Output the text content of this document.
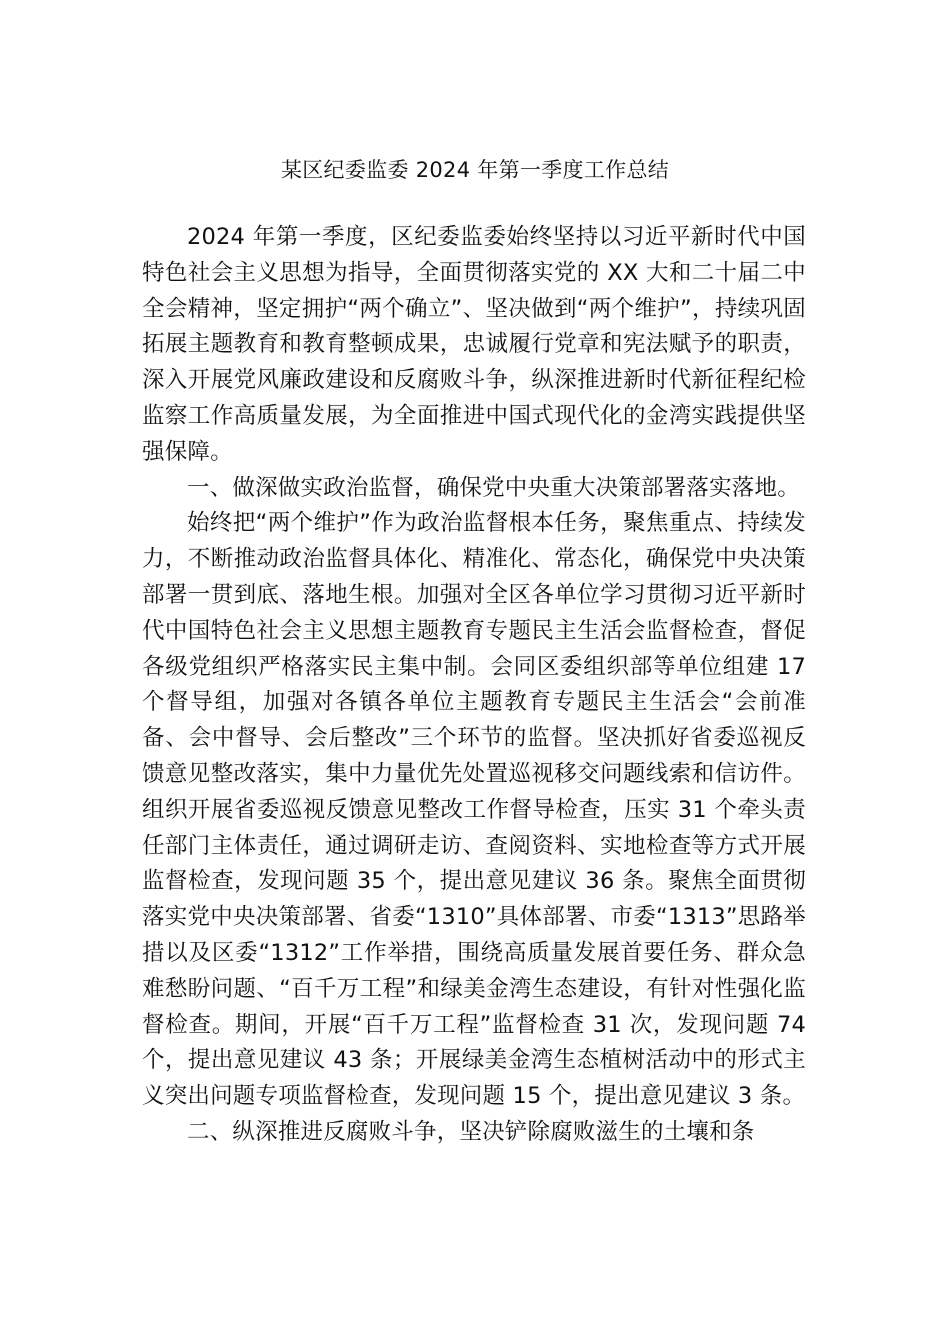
某区纪委监委 2024 年第一季度工作总结

2024 年第一季度，区纪委监委始终坚持以习近平新时代中国特色社会主义思想为指导，全面贯彻落实党的 XX 大和二十届二中全会精神，坚定拥护“两个确立”、坚决做到“两个维护”，持续巩固拓展主题教育和教育整顿成果，忠诚履行党章和宪法赋予的职责，深入开展党风廉政建设和反腐败斗争，纵深推进新时代新征程纪检监察工作高质量发展，为全面推进中国式现代化的金湾实践提供坚强保障。

一、做深做实政治监督，确保党中央重大决策部署落实落地。

始终把“两个维护”作为政治监督根本任务，聚焦重点、持续发力，不断推动政治监督具体化、精准化、常态化，确保党中央决策部署一贯到底、落地生根。加强对全区各单位学习贯彻习近平新时代中国特色社会主义思想主题教育专题民主生活会监督检查，督促各级党组织严格落实民主集中制。会同区委组织部等单位组建 17 个督导组，加强对各镇各单位主题教育专题民主生活会“会前准备、会中督导、会后整改”三个环节的监督。坚决抓好省委巡视反馈意见整改落实，集中力量优先处置巡视移交问题线索和信访件。组织开展省委巡视反馈意见整改工作督导检查，压实 31 个牵头责任部门主体责任，通过调研走访、查阅资料、实地检查等方式开展监督检查，发现问题 35 个，提出意见建议 36 条。聚焦全面贯彻落实党中央决策部署、省委“1310”具体部署、市委“1313”思路举措以及区委“1312”工作举措，围绕高质量发展首要任务、群众急难愁盼问题、“百千万工程”和绿美金湾生态建设，有针对性强化监督检查。期间，开展“百千万工程”监督检查 31 次，发现问题 74 个，提出意见建议 43 条；开展绿美金湾生态植树活动中的形式主义突出问题专项监督检查，发现问题 15 个，提出意见建议 3 条。

二、纵深推进反腐败斗争，坚决铲除腐败滋生的土壤和条
